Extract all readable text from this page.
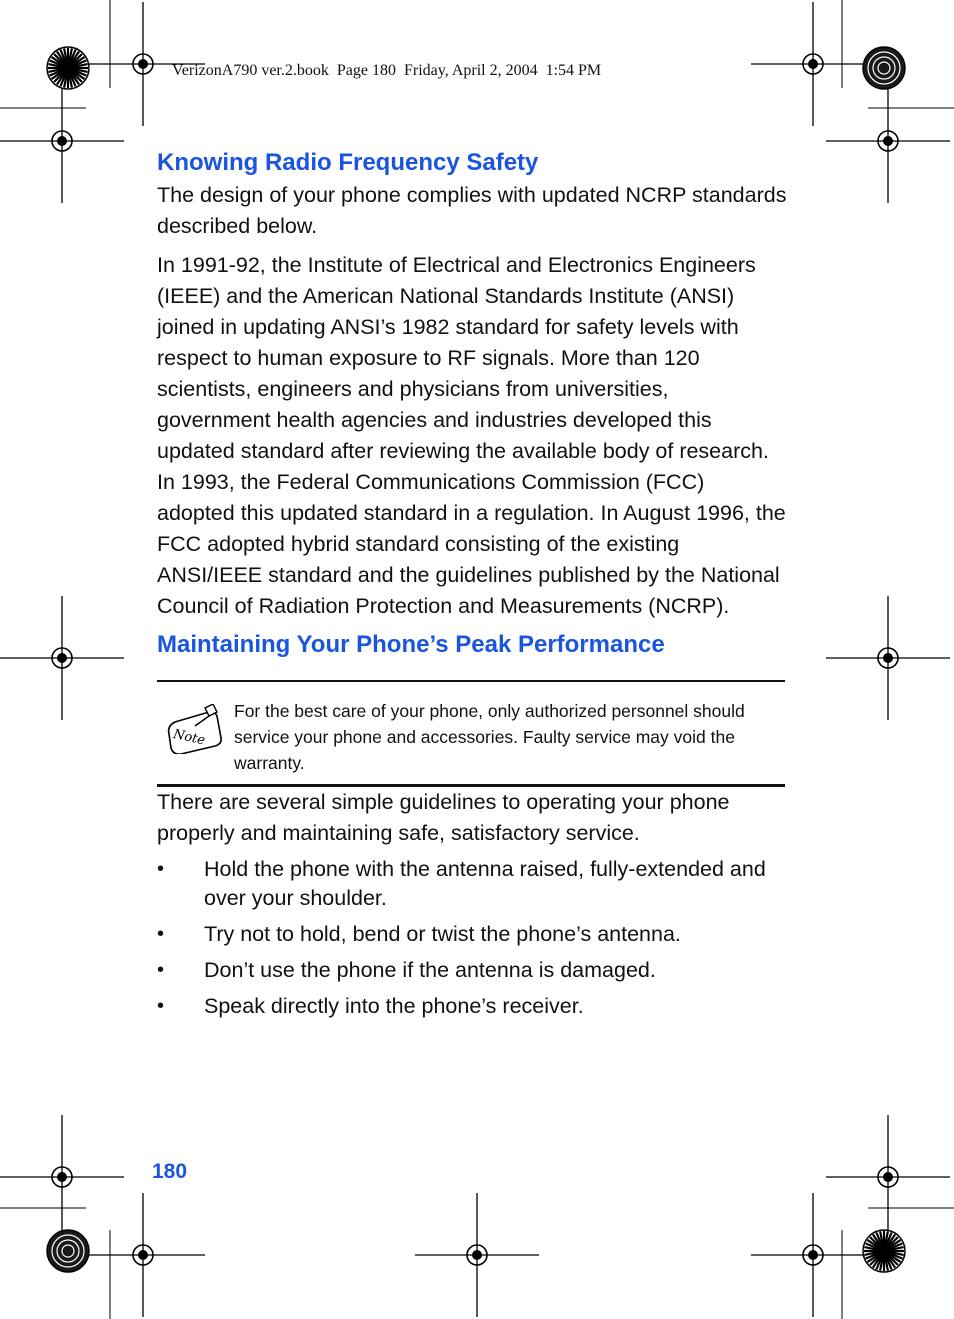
VerizonA790 ver.2.book  Page 180  Friday, April 2, 2004  1:54 PM
Knowing Radio Frequency Safety

The design of your phone complies with updated NCRP standards described below.

In 1991-92, the Institute of Electrical and Electronics Engineers (IEEE) and the American National Standards Institute (ANSI) joined in updating ANSI’s 1982 standard for safety levels with respect to human exposure to RF signals. More than 120 scientists, engineers and physicians from universities, government health agencies and industries developed this updated standard after reviewing the available body of research. In 1993, the Federal Communications Commission (FCC) adopted this updated standard in a regulation. In August 1996, the FCC adopted hybrid standard consisting of the existing ANSI/IEEE standard and the guidelines published by the National Council of Radiation Protection and Measurements (NCRP).

Maintaining Your Phone’s Peak Performance
Note
For the best care of your phone, only authorized personnel should service your phone and accessories. Faulty service may void the warranty.

There are several simple guidelines to operating your phone properly and maintaining safe, satisfactory service.

• Hold the phone with the antenna raised, fully-extended and over your shoulder.
• Try not to hold, bend or twist the phone’s antenna.
• Don’t use the phone if the antenna is damaged.
• Speak directly into the phone’s receiver.
180
